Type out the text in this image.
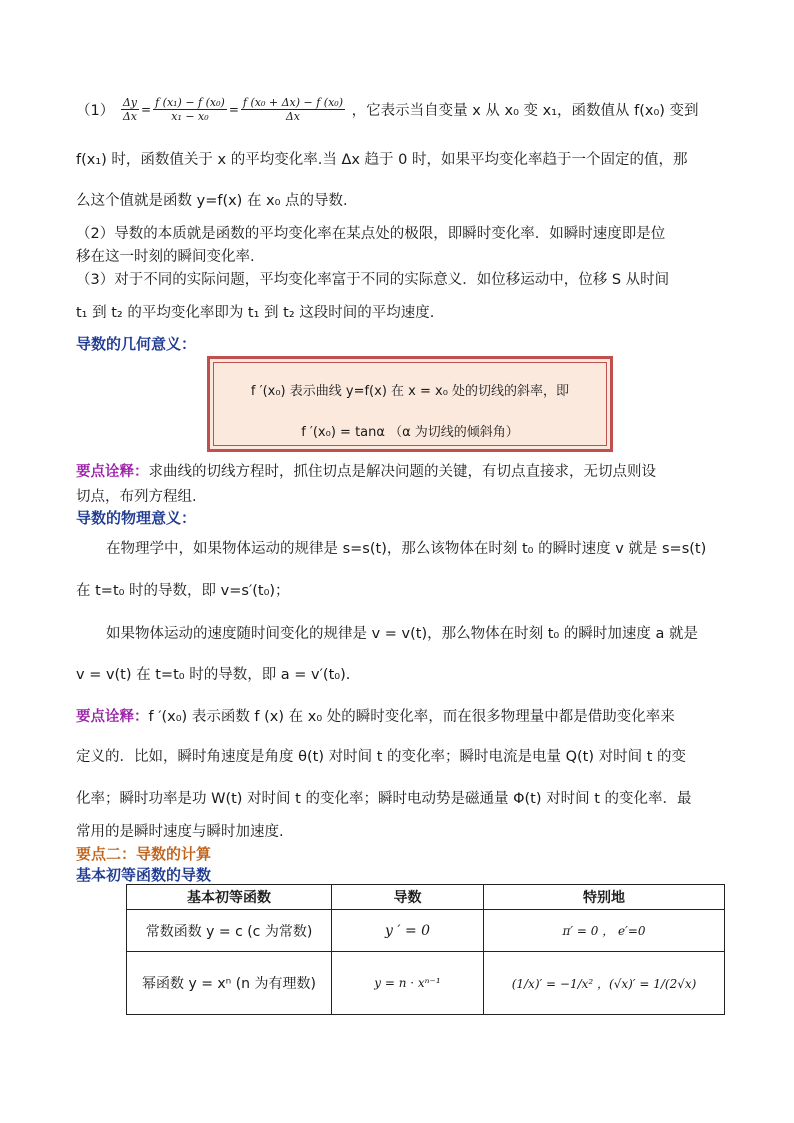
$(1) \frac{\Delta y}{\Delta x} = \frac{\text{f (x₁) − f (x₀)}}{\text{x₁ − x₀}} = \frac{\text{f (x₀ + Δx) − f (x₀)}}{\Delta x}$ ，它表示当自变量 x 从 x₀ 变 x₁，函数值从 f(x₀) 变到
f(x₁) 时，函数值关于 x 的平均变化率.当 Δx 趋于 0 时，如果平均变化率趋于一个固定的值，那
么这个值就是函数 y=f(x) 在 x₀ 点的导数.
（2）导数的本质就是函数的平均变化率在某点处的极限，即瞬时变化率．如瞬时速度即是位
移在这一时刻的瞬间变化率.
（3）对于不同的实际问题，平均变化率富于不同的实际意义．如位移运动中，位移 S 从时间
t₁ 到 t₂ 的平均变化率即为 t₁ 到 t₂ 这段时间的平均速度.
导数的几何意义：
f ′(x₀) 表示曲线 y=f(x) 在 x = x₀ 处的切线的斜率，即
f ′(x₀) = tanα （α 为切线的倾斜角）
要点诠释：求曲线的切线方程时，抓住切点是解决问题的关键，有切点直接求，无切点则设
切点，布列方程组.
导数的物理意义：
在物理学中，如果物体运动的规律是 s=s(t)，那么该物体在时刻 t₀ 的瞬时速度 v 就是 s=s(t)
在 t=t₀ 时的导数，即 v=s′(t₀)；
如果物体运动的速度随时间变化的规律是 v = v(t)，那么物体在时刻 t₀ 的瞬时加速度 a 就是
v = v(t) 在 t=t₀ 时的导数，即 a = v′(t₀).
要点诠释：f ′(x₀) 表示函数 f (x) 在 x₀ 处的瞬时变化率，而在很多物理量中都是借助变化率来
定义的．比如，瞬时角速度是角度 θ(t) 对时间 t 的变化率；瞬时电流是电量 Q(t) 对时间 t 的变
化率；瞬时功率是功 W(t) 对时间 t 的变化率；瞬时电动势是磁通量 Φ(t) 对时间 t 的变化率．最
常用的是瞬时速度与瞬时加速度.
要点二：导数的计算
基本初等函数的导数
基本初等函数	导数	特别地
常数函数 y = c (c 为常数)	y ′ = 0	π′ = 0 ， e′=0
幂函数 y = xⁿ (n 为有理数)	y = n · xⁿ⁻¹	(1/x)′ = −1/x² ，(√x)′ = 1/(2√x)
